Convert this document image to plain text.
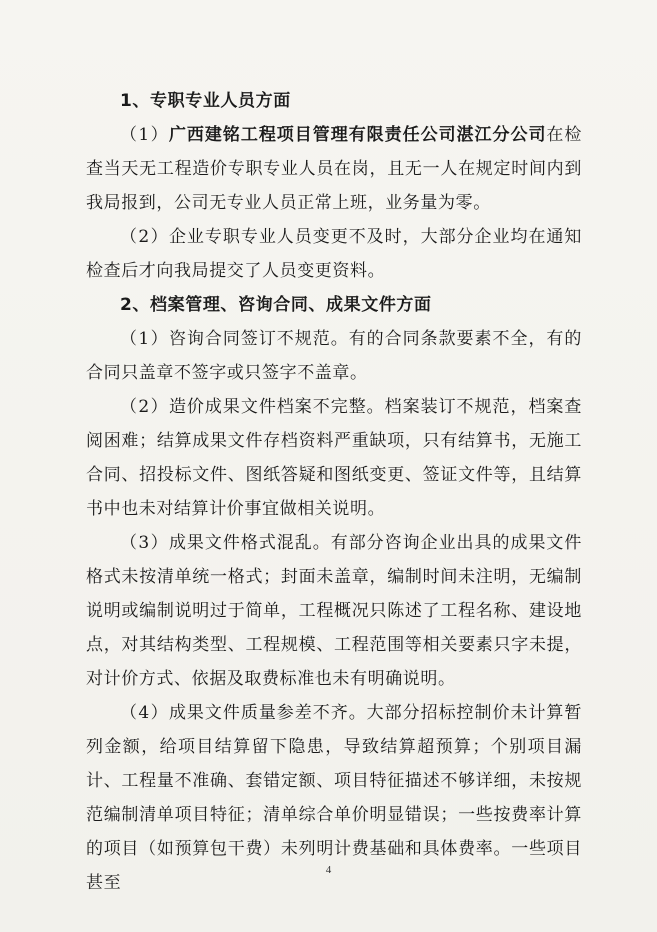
1、专职专业人员方面

（1）广西建铭工程项目管理有限责任公司湛江分公司在检查当天无工程造价专职专业人员在岗，且无一人在规定时间内到我局报到，公司无专业人员正常上班，业务量为零。

（2）企业专职专业人员变更不及时，大部分企业均在通知检查后才向我局提交了人员变更资料。

2、档案管理、咨询合同、成果文件方面

（1）咨询合同签订不规范。有的合同条款要素不全，有的合同只盖章不签字或只签字不盖章。

（2）造价成果文件档案不完整。档案装订不规范，档案查阅困难；结算成果文件存档资料严重缺项，只有结算书，无施工合同、招投标文件、图纸答疑和图纸变更、签证文件等，且结算书中也未对结算计价事宜做相关说明。

（3）成果文件格式混乱。有部分咨询企业出具的成果文件格式未按清单统一格式；封面未盖章，编制时间未注明，无编制说明或编制说明过于简单，工程概况只陈述了工程名称、建设地点，对其结构类型、工程规模、工程范围等相关要素只字未提，对计价方式、依据及取费标准也未有明确说明。

（4）成果文件质量参差不齐。大部分招标控制价未计算暂列金额，给项目结算留下隐患，导致结算超预算；个别项目漏计、工程量不准确、套错定额、项目特征描述不够详细，未按规范编制清单项目特征；清单综合单价明显错误；一些按费率计算的项目（如预算包干费）未列明计费基础和具体费率。一些项目甚至

4
